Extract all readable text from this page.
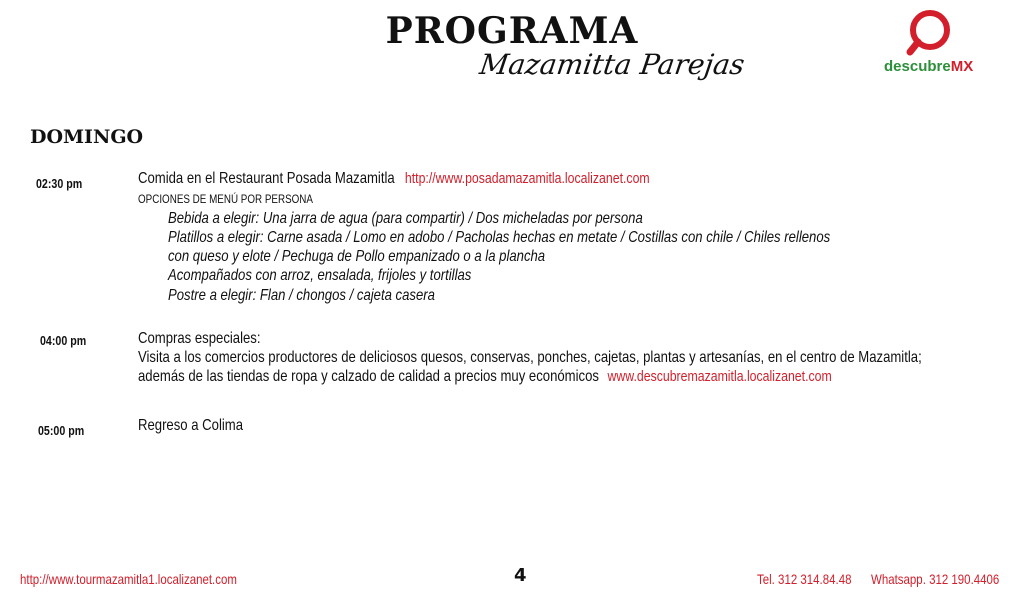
PROGRAMA
Mazamitta Parejas	descubreMX
DOMINGO
02:30 pm	Comida en el Restaurant Posada Mazamitla http://www.posadamazamitla.localizanet.com
OPCIONES DE MENÚ POR PERSONA
Bebida a elegir: Una jarra de agua (para compartir) / Dos micheladas por persona
Platillos a elegir: Carne asada / Lomo en adobo / Pacholas hechas en metate / Costillas con chile / Chiles rellenos
con queso y elote / Pechuga de Pollo empanizado o a la plancha
Acompañados con arroz, ensalada, frijoles y tortillas
Postre a elegir: Flan / chongos / cajeta casera
04:00 pm	Compras especiales:
Visita a los comercios productores de deliciosos quesos, conservas, ponches, cajetas, plantas y artesanías, en el centro de Mazamitla;
además de las tiendas de ropa y calzado de calidad a precios muy económicos www.descubremazamitla.localizanet.com
05:00 pm	Regreso a Colima
http://www.tourmazamitla1.localizanet.com	4	Tel. 312 314.84.48 Whatsapp. 312 190.4406
